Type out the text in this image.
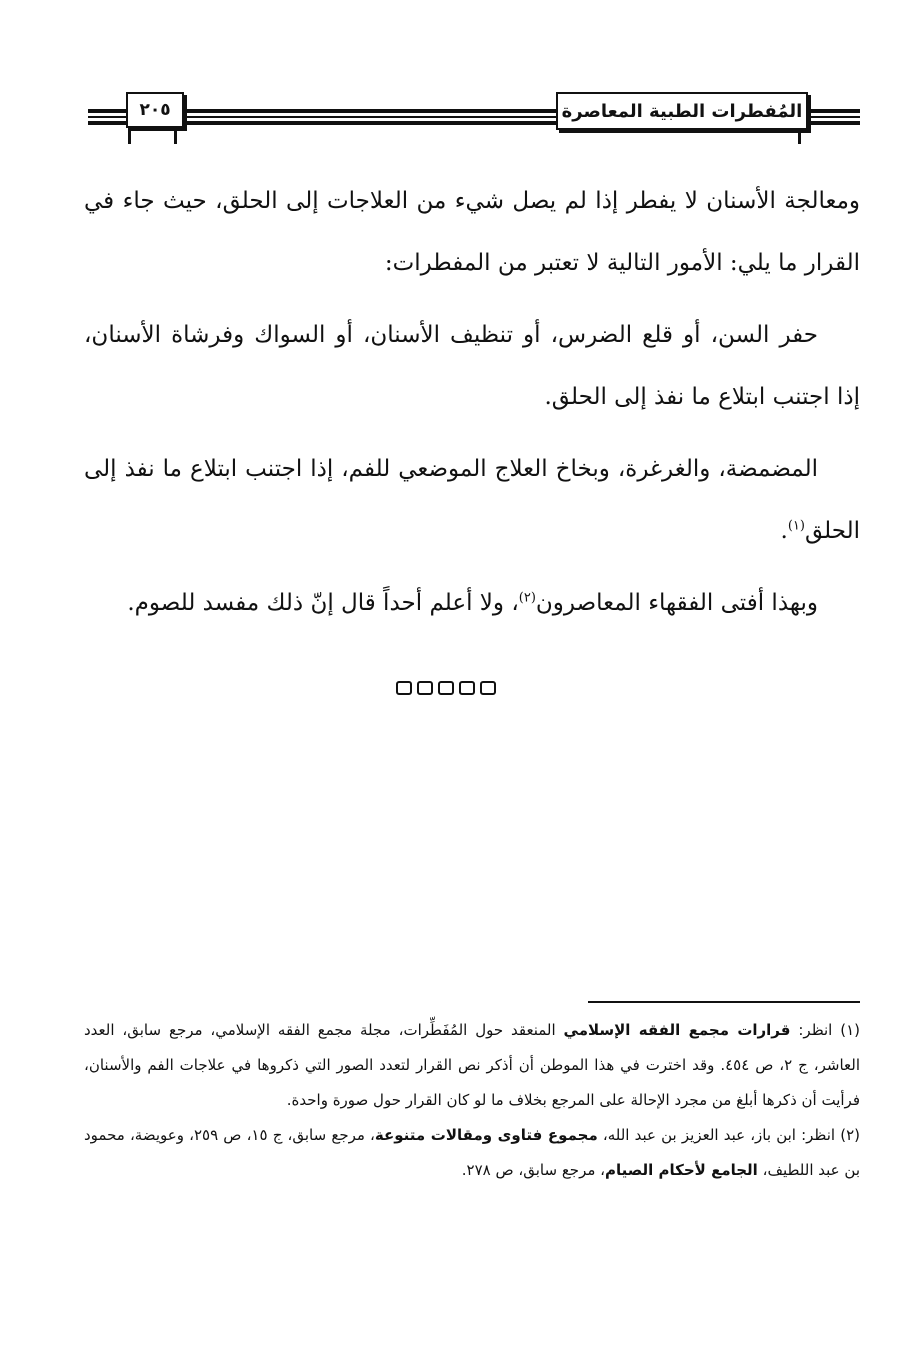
٢٠٥	المُفطرات الطبية المعاصرة

ومعالجة الأسنان لا يفطر إذا لم يصل شيء من العلاجات إلى الحلق، حيث جاء في القرار ما يلي: الأمور التالية لا تعتبر من المفطرات:

حفر السن، أو قلع الضرس، أو تنظيف الأسنان، أو السواك وفرشاة الأسنان، إذا اجتنب ابتلاع ما نفذ إلى الحلق.

المضمضة، والغرغرة، وبخاخ العلاج الموضعي للفم، إذا اجتنب ابتلاع ما نفذ إلى الحلق$^{(١)}$.

وبهذا أفتى الفقهاء المعاصرون$^{(٢)}$، ولا أعلم أحداً قال إنّ ذلك مفسد للصوم.

(١) انظر: قرارات مجمع الفقه الإسلامي المنعقد حول المُفَطِّرات، مجلة مجمع الفقه الإسلامي، مرجع سابق، العدد العاشر، ج ٢، ص ٤٥٤. وقد اخترت في هذا الموطن أن أذكر نص القرار لتعدد الصور التي ذكروها في علاجات الفم والأسنان، فرأيت أن ذكرها أبلغ من مجرد الإحالة على المرجع بخلاف ما لو كان القرار حول صورة واحدة.

(٢) انظر: ابن باز، عبد العزيز بن عبد الله، مجموع فتاوى ومقالات متنوعة، مرجع سابق، ج ١٥، ص ٢٥٩، وعويضة، محمود بن عبد اللطيف، الجامع لأحكام الصيام، مرجع سابق، ص ٢٧٨.
